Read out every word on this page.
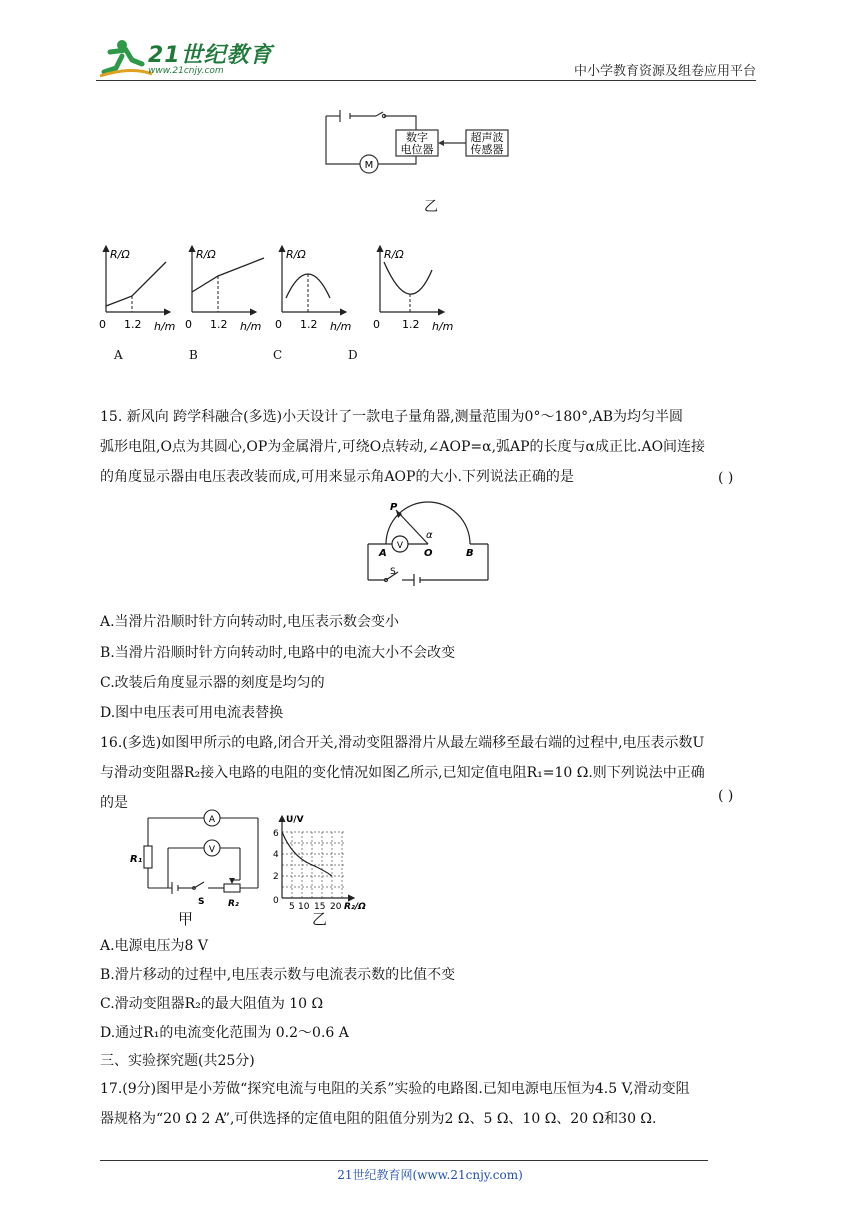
21世纪教育
www.21cnjy.com	中小学教育资源及组卷应用平台
M
数字
电位器
超声波
传感器
乙
R/Ω
0 1.2 h/m
R/Ω
0 1.2 h/m
R/Ω
0 1.2 h/m
R/Ω
0 1.2 h/m
A	B	C	D
15. 新风向 跨学科融合(多选)小天设计了一款电子量角器,测量范围为0°～180°,AB为均匀半圆
弧形电阻,O点为其圆心,OP为金属滑片,可绕O点转动,∠AOP=α,弧AP的长度与α成正比.AO间连接
的角度显示器由电压表改装而成,可用来显示角AOP的大小.下列说法正确的是	( )
P
A	O	B
V
α
S
A.当滑片沿顺时针方向转动时,电压表示数会变小
B.当滑片沿顺时针方向转动时,电路中的电流大小不会改变
C.改装后角度显示器的刻度是均匀的
D.图中电压表可用电流表替换
16.(多选)如图甲所示的电路,闭合开关,滑动变阻器滑片从最左端移至最右端的过程中,电压表示数U
与滑动变阻器R₂接入电路的电阻的变化情况如图乙所示,已知定值电阻R₁=10 Ω.则下列说法中正确
的是	( )
A
V
R₁
S	R₂
甲
U/V
6
4
2
0
5 10 15 20 R₂/Ω
乙
A.电源电压为8 V
B.滑片移动的过程中,电压表示数与电流表示数的比值不变
C.滑动变阻器R₂的最大阻值为 10 Ω
D.通过R₁的电流变化范围为 0.2～0.6 A
三、实验探究题(共25分)
17.(9分)图甲是小芳做“探究电流与电阻的关系”实验的电路图.已知电源电压恒为4.5 V,滑动变阻
器规格为“20 Ω 2 A”,可供选择的定值电阻的阻值分别为2 Ω、5 Ω、10 Ω、20 Ω和30 Ω.
21世纪教育网(www.21cnjy.com)
